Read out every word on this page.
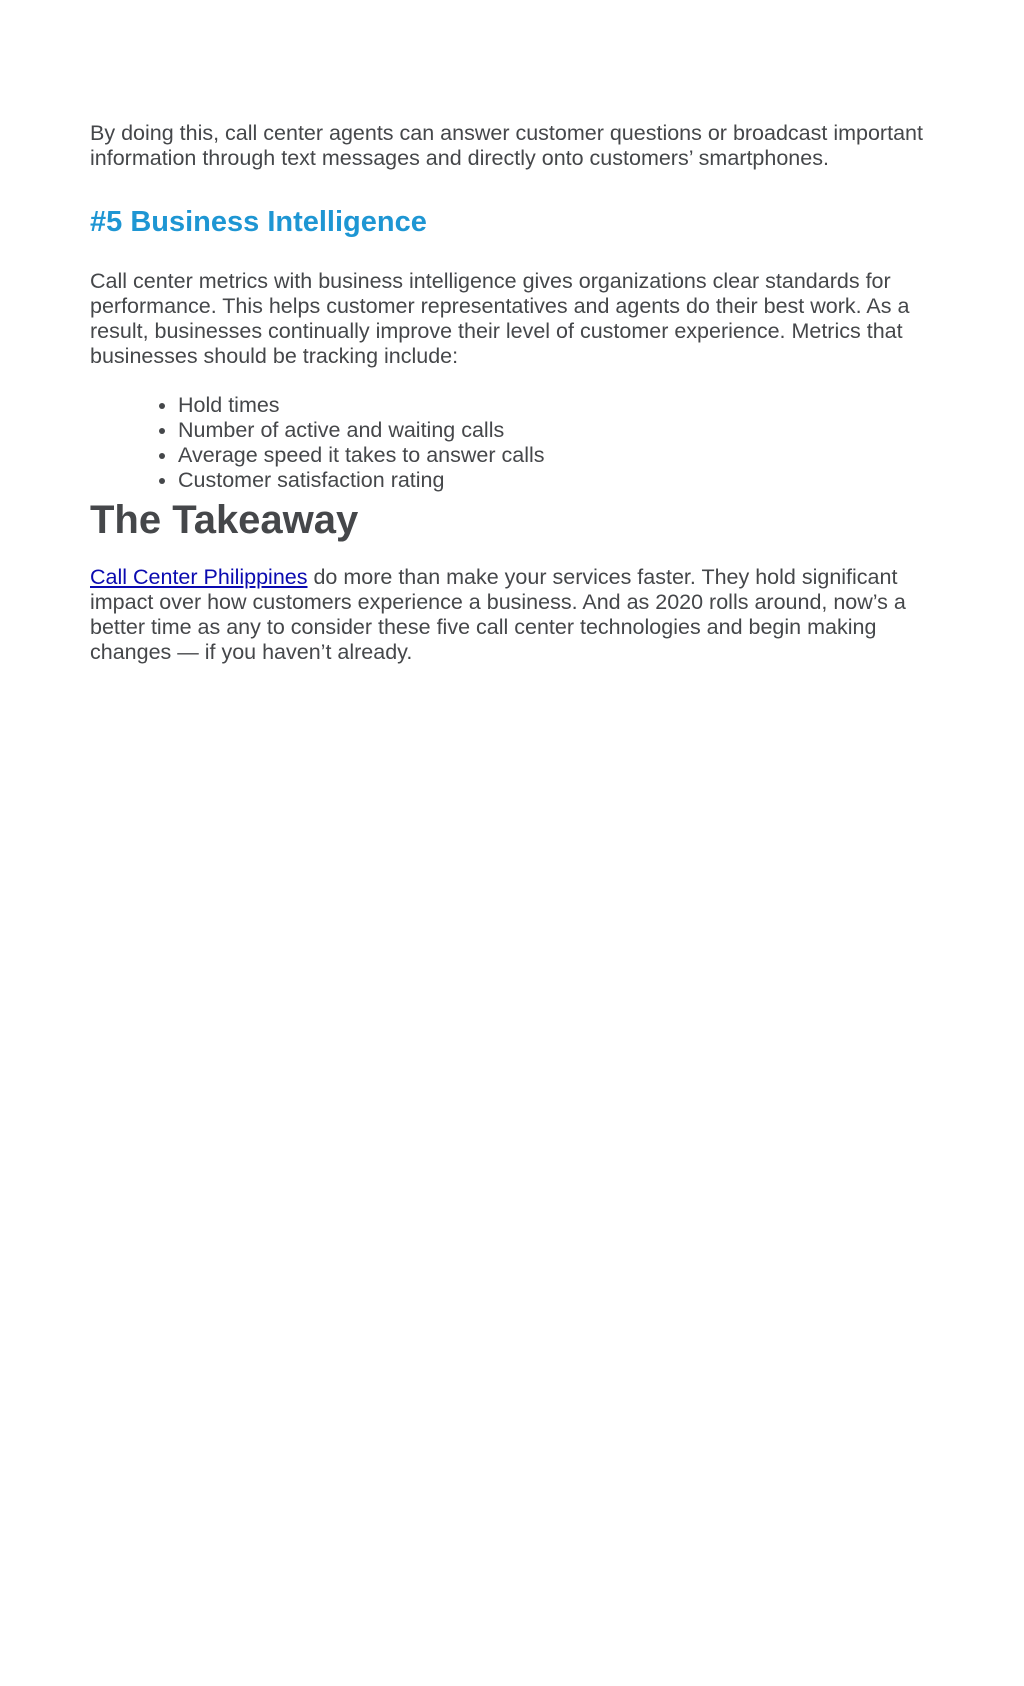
By doing this, call center agents can answer customer questions or broadcast important information through text messages and directly onto customers’ smartphones.

#5 Business Intelligence

Call center metrics with business intelligence gives organizations clear standards for performance. This helps customer representatives and agents do their best work. As a result, businesses continually improve their level of customer experience. Metrics that businesses should be tracking include:

• Hold times
• Number of active and waiting calls
• Average speed it takes to answer calls
• Customer satisfaction rating
The Takeaway

Call Center Philippines do more than make your services faster. They hold significant impact over how customers experience a business. And as 2020 rolls around, now’s a better time as any to consider these five call center technologies and begin making changes — if you haven’t already.
